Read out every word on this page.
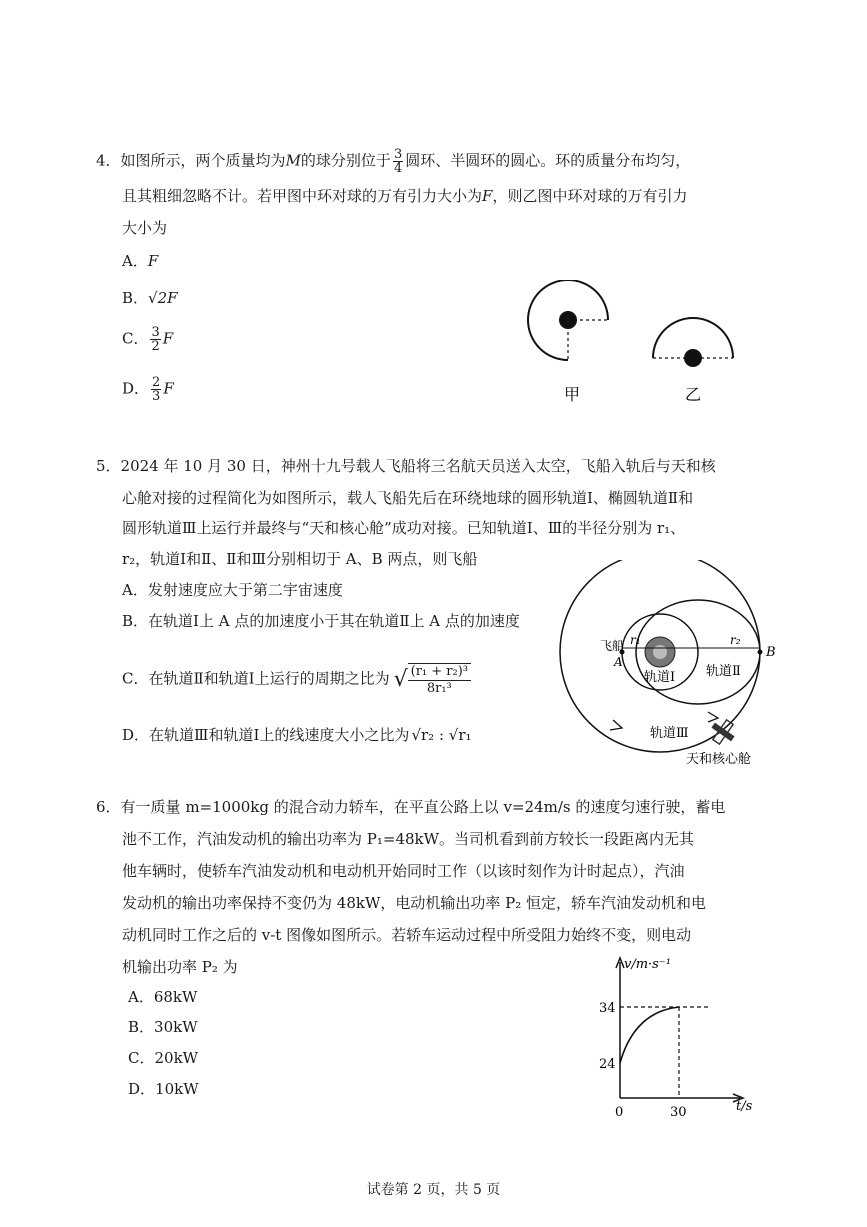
4．如图所示，两个质量均为M的球分别位于 $\frac{3}{4}$ 圆环、半圆环的圆心。环的质量分布均匀，
且其粗细忽略不计。若甲图中环对球的万有引力大小为F，则乙图中环对球的万有引力
大小为
A．F
B．√2F
C． $\frac{3}{2}$ F
D． $\frac{2}{3}$ F	甲	乙
5．2024 年 10 月 30 日，神州十九号载人飞船将三名航天员送入太空，飞船入轨后与天和核
心舱对接的过程简化为如图所示，载人飞船先后在环绕地球的圆形轨道Ⅰ、椭圆轨道Ⅱ和
圆形轨道Ⅲ上运行并最终与“天和核心舱”成功对接。已知轨道Ⅰ、Ⅲ的半径分别为 r₁、
r₂，轨道Ⅰ和Ⅱ、Ⅱ和Ⅲ分别相切于 A、B 两点，则飞船
A．发射速度应大于第二宇宙速度
B．在轨道Ⅰ上 A 点的加速度小于其在轨道Ⅱ上 A 点的加速度
C．在轨道Ⅱ和轨道Ⅰ上运行的周期之比为 √ $\frac{\text{(r₁ + r₂)³}}{\text{8r₁³}}$
D．在轨道Ⅲ和轨道Ⅰ上的线速度大小之比为 √r₂ : √r₁
飞船
A
B
r₁	r₂
轨道Ⅰ 轨道Ⅱ
轨道Ⅲ
天和核心舱
6．有一质量 m=1000kg 的混合动力轿车，在平直公路上以 v=24m/s 的速度匀速行驶，蓄电
池不工作，汽油发动机的输出功率为 P₁=48kW。当司机看到前方较长一段距离内无其
他车辆时，使轿车汽油发动机和电动机开始同时工作（以该时刻作为计时起点），汽油
发动机的输出功率保持不变仍为 48kW，电动机输出功率 P₂ 恒定，轿车汽油发动机和电
动机同时工作之后的 v-t 图像如图所示。若轿车运动过程中所受阻力始终不变，则电动
机输出功率 P₂ 为
A．68kW
B．30kW
C．20kW
D．10kW
v/m·s⁻¹
t/s
34
24
0	30
试卷第 2 页，共 5 页
